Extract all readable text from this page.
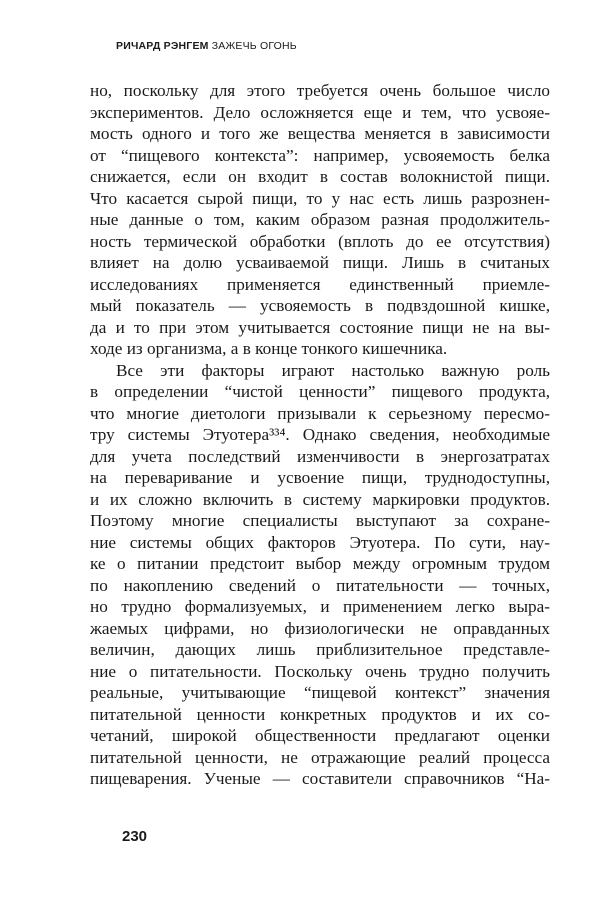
РИЧАРД РЭНГЕМ ЗАЖЕЧЬ ОГОНЬ
но, поскольку для этого требуется очень большое число
экспериментов. Дело осложняется еще и тем, что усвояе-
мость одного и того же вещества меняется в зависимости
от “пищевого контекста”: например, усвояемость белка
снижается, если он входит в состав волокнистой пищи.
Что касается сырой пищи, то у нас есть лишь разрознен-
ные данные о том, каким образом разная продолжитель-
ность термической обработки (вплоть до ее отсутствия)
влияет на долю усваиваемой пищи. Лишь в считаных
исследованиях применяется единственный приемле-
мый показатель — усвояемость в подвздошной кишке,
да и то при этом учитывается состояние пищи не на вы-
ходе из организма, а в конце тонкого кишечника.
Все эти факторы играют настолько важную роль
в определении “чистой ценности” пищевого продукта,
что многие диетологи призывали к серьезному пересмо-
тру системы Этуотера³³⁴. Однако сведения, необходимые
для учета последствий изменчивости в энергозатратах
на переваривание и усвоение пищи, труднодоступны,
и их сложно включить в систему маркировки продуктов.
Поэтому многие специалисты выступают за сохране-
ние системы общих факторов Этуотера. По сути, нау-
ке о питании предстоит выбор между огромным трудом
по накоплению сведений о питательности — точных,
но трудно формализуемых, и применением легко выра-
жаемых цифрами, но физиологически не оправданных
величин, дающих лишь приблизительное представле-
ние о питательности. Поскольку очень трудно получить
реальные, учитывающие “пищевой контекст” значения
питательной ценности конкретных продуктов и их со-
четаний, широкой общественности предлагают оценки
питательной ценности, не отражающие реалий процесса
пищеварения. Ученые — составители справочников “На-
230
